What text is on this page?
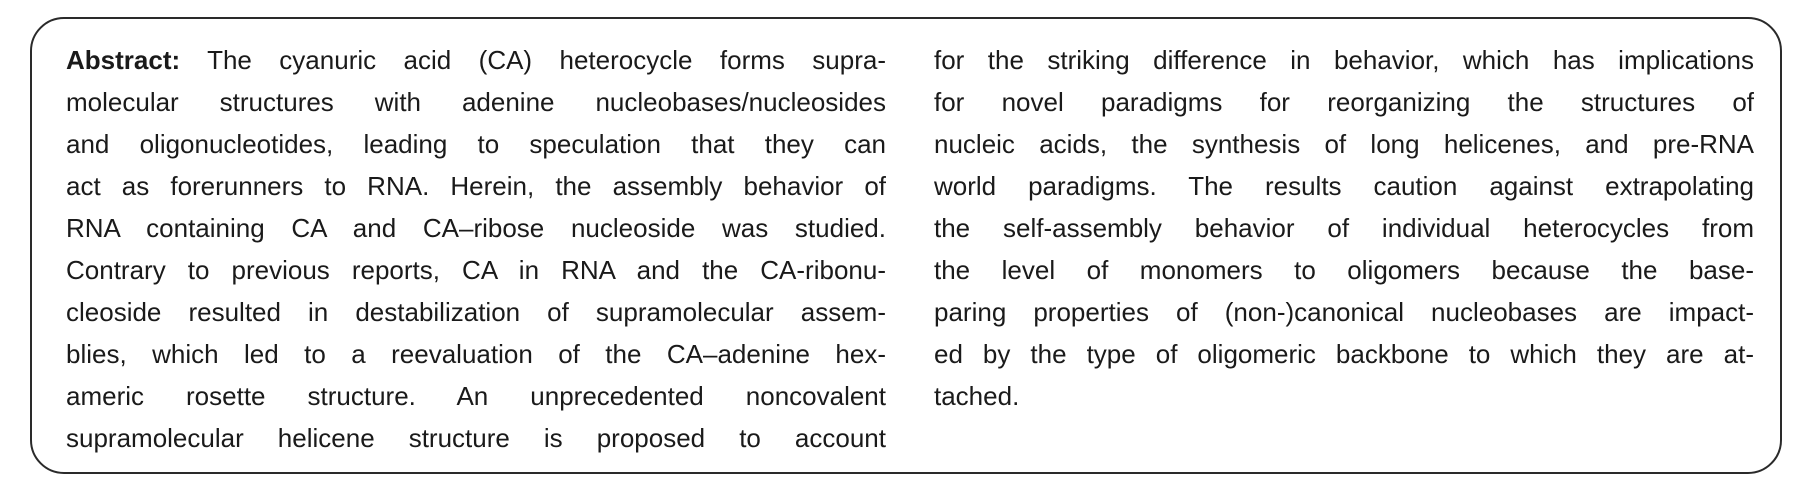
Abstract: The cyanuric acid (CA) heterocycle forms supra-
molecular structures with adenine nucleobases/nucleosides
and oligonucleotides, leading to speculation that they can
act as forerunners to RNA. Herein, the assembly behavior of
RNA containing CA and CA–ribose nucleoside was studied.
Contrary to previous reports, CA in RNA and the CA-ribonu-
cleoside resulted in destabilization of supramolecular assem-
blies, which led to a reevaluation of the CA–adenine hex-
americ rosette structure. An unprecedented noncovalent
supramolecular helicene structure is proposed to account
for the striking difference in behavior, which has implications
for novel paradigms for reorganizing the structures of
nucleic acids, the synthesis of long helicenes, and pre-RNA
world paradigms. The results caution against extrapolating
the self-assembly behavior of individual heterocycles from
the level of monomers to oligomers because the base-
paring properties of (non-)canonical nucleobases are impact-
ed by the type of oligomeric backbone to which they are at-
tached.
